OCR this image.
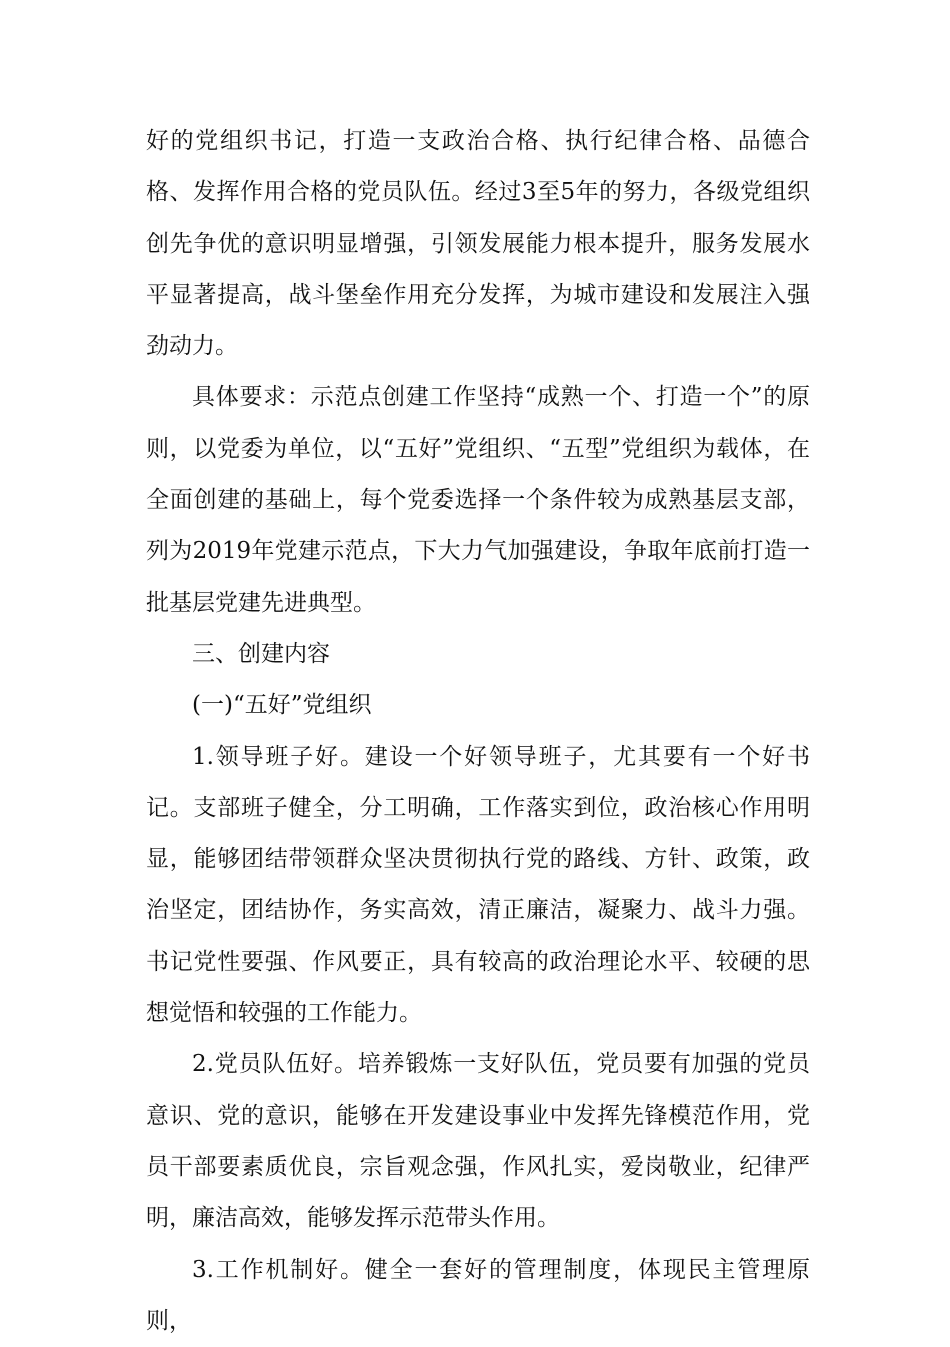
好的党组织书记，打造一支政治合格、执行纪律合格、品德合格、发挥作用合格的党员队伍。经过3至5年的努力，各级党组织创先争优的意识明显增强，引领发展能力根本提升，服务发展水平显著提高，战斗堡垒作用充分发挥，为城市建设和发展注入强劲动力。

具体要求：示范点创建工作坚持“成熟一个、打造一个”的原则，以党委为单位，以“五好”党组织、“五型”党组织为载体，在全面创建的基础上，每个党委选择一个条件较为成熟基层支部，列为2019年党建示范点，下大力气加强建设，争取年底前打造一批基层党建先进典型。

三、创建内容

(一)“五好”党组织

1.领导班子好。建设一个好领导班子，尤其要有一个好书记。支部班子健全，分工明确，工作落实到位，政治核心作用明显，能够团结带领群众坚决贯彻执行党的路线、方针、政策，政治坚定，团结协作，务实高效，清正廉洁，凝聚力、战斗力强。书记党性要强、作风要正，具有较高的政治理论水平、较硬的思想觉悟和较强的工作能力。

2.党员队伍好。培养锻炼一支好队伍，党员要有加强的党员意识、党的意识，能够在开发建设事业中发挥先锋模范作用，党员干部要素质优良，宗旨观念强，作风扎实，爱岗敬业，纪律严明，廉洁高效，能够发挥示范带头作用。

3.工作机制好。健全一套好的管理制度，体现民主管理原则，
